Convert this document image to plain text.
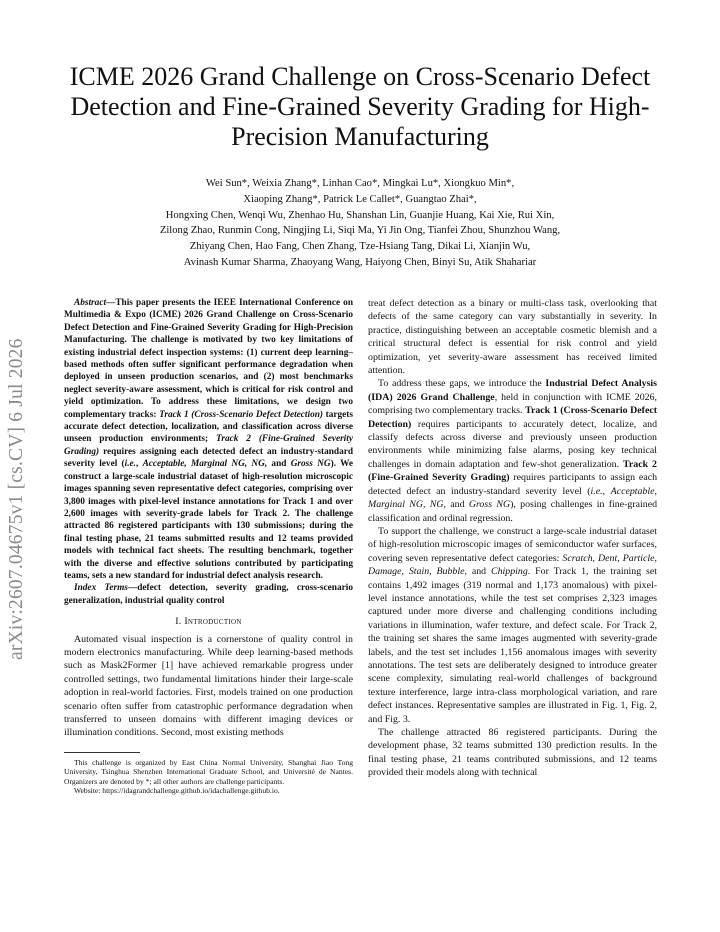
arXiv:2607.04675v1 [cs.CV] 6 Jul 2026
ICME 2026 Grand Challenge on Cross-Scenario Defect Detection and Fine-Grained Severity Grading for High-Precision Manufacturing
Wei Sun*, Weixia Zhang*, Linhan Cao*, Mingkai Lu*, Xiongkuo Min*,
Xiaoping Zhang*, Patrick Le Callet*, Guangtao Zhai*,
Hongxing Chen, Wenqi Wu, Zhenhao Hu, Shanshan Lin, Guanjie Huang, Kai Xie, Rui Xin,
Zilong Zhao, Runmin Cong, Ningjing Li, Siqi Ma, Yi Jin Ong, Tianfei Zhou, Shunzhou Wang,
Zhiyang Chen, Hao Fang, Chen Zhang, Tze-Hsiang Tang, Dikai Li, Xianjin Wu,
Avinash Kumar Sharma, Zhaoyang Wang, Haiyong Chen, Binyi Su, Atik Shahariar

Abstract—This paper presents the IEEE International Conference on Multimedia & Expo (ICME) 2026 Grand Challenge on Cross-Scenario Defect Detection and Fine-Grained Severity Grading for High-Precision Manufacturing. The challenge is motivated by two key limitations of existing industrial defect inspection systems: (1) current deep learning–based methods often suffer significant performance degradation when deployed in unseen production scenarios, and (2) most benchmarks neglect severity-aware assessment, which is critical for risk control and yield optimization. To address these limitations, we design two complementary tracks: Track 1 (Cross-Scenario Defect Detection) targets accurate defect detection, localization, and classification across diverse unseen production environments; Track 2 (Fine-Grained Severity Grading) requires assigning each detected defect an industry-standard severity level (i.e., Acceptable, Marginal NG, NG, and Gross NG). We construct a large-scale industrial dataset of high-resolution microscopic images spanning seven representative defect categories, comprising over 3,800 images with pixel-level instance annotations for Track 1 and over 2,600 images with severity-grade labels for Track 2. The challenge attracted 86 registered participants with 130 submissions; during the final testing phase, 21 teams submitted results and 12 teams provided models with technical fact sheets. The resulting benchmark, together with the diverse and effective solutions contributed by participating teams, sets a new standard for industrial defect analysis research.

Index Terms—defect detection, severity grading, cross-scenario generalization, industrial quality control

I. Introduction

Automated visual inspection is a cornerstone of quality control in modern electronics manufacturing. While deep learning-based methods such as Mask2Former [1] have achieved remarkable progress under controlled settings, two fundamental limitations hinder their large-scale adoption in real-world factories. First, models trained on one production scenario often suffer from catastrophic performance degradation when transferred to unseen domains with different imaging devices or illumination conditions. Second, most existing methods

This challenge is organized by East China Normal University, Shanghai Jiao Tong University, Tsinghua Shenzhen International Graduate School, and Université de Nantes. Organizers are denoted by *; all other authors are challenge participants.

Website: https://idagrandchallenge.github.io/idachallenge.github.io.

treat defect detection as a binary or multi-class task, overlooking that defects of the same category can vary substantially in severity. In practice, distinguishing between an acceptable cosmetic blemish and a critical structural defect is essential for risk control and yield optimization, yet severity-aware assessment has received limited attention.

To address these gaps, we introduce the Industrial Defect Analysis (IDA) 2026 Grand Challenge, held in conjunction with ICME 2026, comprising two complementary tracks. Track 1 (Cross-Scenario Defect Detection) requires participants to accurately detect, localize, and classify defects across diverse and previously unseen production environments while minimizing false alarms, posing key technical challenges in domain adaptation and few-shot generalization. Track 2 (Fine-Grained Severity Grading) requires participants to assign each detected defect an industry-standard severity level (i.e., Acceptable, Marginal NG, NG, and Gross NG), posing challenges in fine-grained classification and ordinal regression.

To support the challenge, we construct a large-scale industrial dataset of high-resolution microscopic images of semiconductor wafer surfaces, covering seven representative defect categories: Scratch, Dent, Particle, Damage, Stain, Bubble, and Chipping. For Track 1, the training set contains 1,492 images (319 normal and 1,173 anomalous) with pixel-level instance annotations, while the test set comprises 2,323 images captured under more diverse and challenging conditions including variations in illumination, wafer texture, and defect scale. For Track 2, the training set shares the same images augmented with severity-grade labels, and the test set includes 1,156 anomalous images with severity annotations. The test sets are deliberately designed to introduce greater scene complexity, simulating real-world challenges of background texture interference, large intra-class morphological variation, and rare defect instances. Representative samples are illustrated in Fig. 1, Fig. 2, and Fig. 3.

The challenge attracted 86 registered participants. During the development phase, 32 teams submitted 130 prediction results. In the final testing phase, 21 teams contributed submissions, and 12 teams provided their models along with technical
